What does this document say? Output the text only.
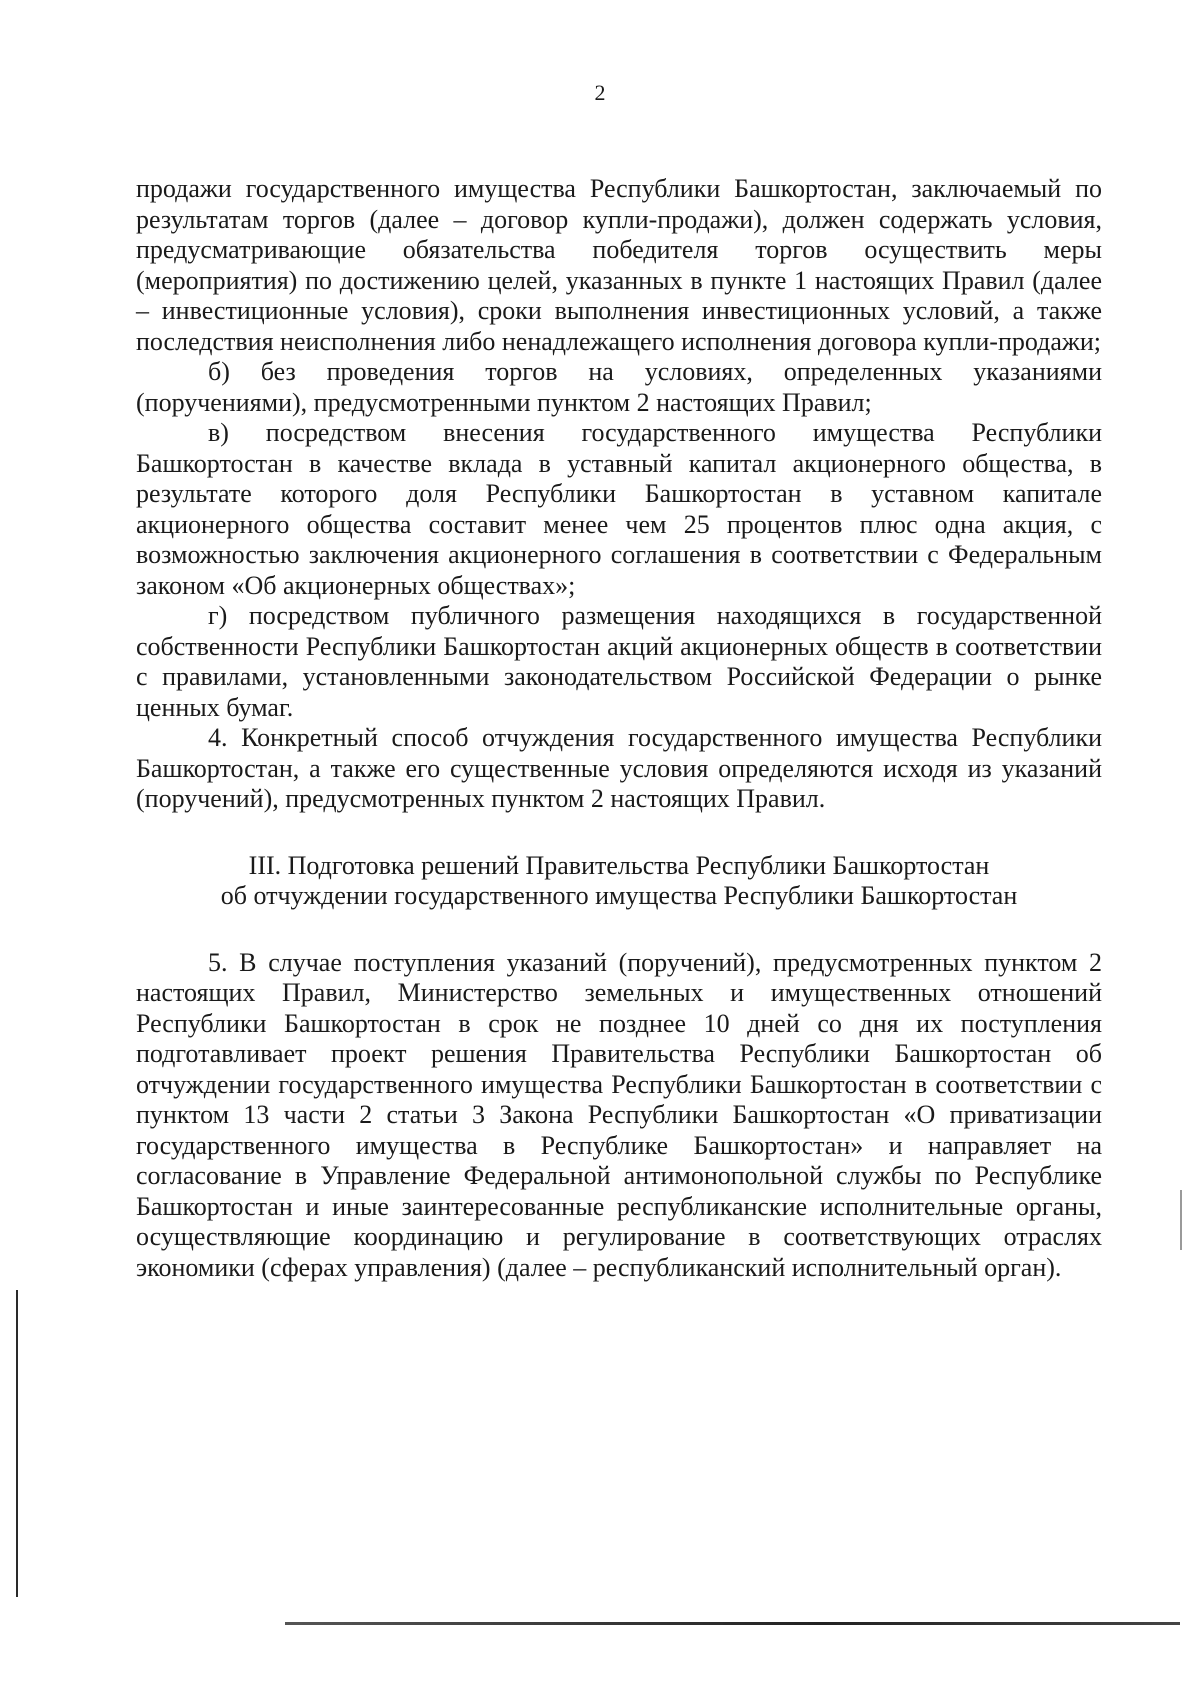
2

продажи государственного имущества Республики Башкортостан, заключаемый по результатам торгов (далее – договор купли-продажи), должен содержать условия, предусматривающие обязательства победителя торгов осуществить меры (мероприятия) по достижению целей, указанных в пункте 1 настоящих Правил (далее – инвестиционные условия), сроки выполнения инвестиционных условий, а также последствия неисполнения либо ненадлежащего исполнения договора купли-продажи;

б) без проведения торгов на условиях, определенных указаниями (поручениями), предусмотренными пунктом 2 настоящих Правил;

в) посредством внесения государственного имущества Республики Башкортостан в качестве вклада в уставный капитал акционерного общества, в результате которого доля Республики Башкортостан в уставном капитале акционерного общества составит менее чем 25 процентов плюс одна акция, с возможностью заключения акционерного соглашения в соответствии с Федеральным законом «Об акционерных обществах»;

г) посредством публичного размещения находящихся в государственной собственности Республики Башкортостан акций акционерных обществ в соответствии с правилами, установленными законодательством Российской Федерации о рынке ценных бумаг.

4. Конкретный способ отчуждения государственного имущества Республики Башкортостан, а также его существенные условия определяются исходя из указаний (поручений), предусмотренных пунктом 2 настоящих Правил.

III. Подготовка решений Правительства Республики Башкортостан

об отчуждении государственного имущества Республики Башкортостан

5. В случае поступления указаний (поручений), предусмотренных пунктом 2 настоящих Правил, Министерство земельных и имущественных отношений Республики Башкортостан в срок не позднее 10 дней со дня их поступления подготавливает проект решения Правительства Республики Башкортостан об отчуждении государственного имущества Республики Башкортостан в соответствии с пунктом 13 части 2 статьи 3 Закона Республики Башкортостан «О приватизации государственного имущества в Республике Башкортостан» и направляет на согласование в Управление Федеральной антимонопольной службы по Республике Башкортостан и иные заинтересованные республиканские исполнительные органы, осуществляющие координацию и регулирование в соответствующих отраслях экономики (сферах управления) (далее – республиканский исполнительный орган).
